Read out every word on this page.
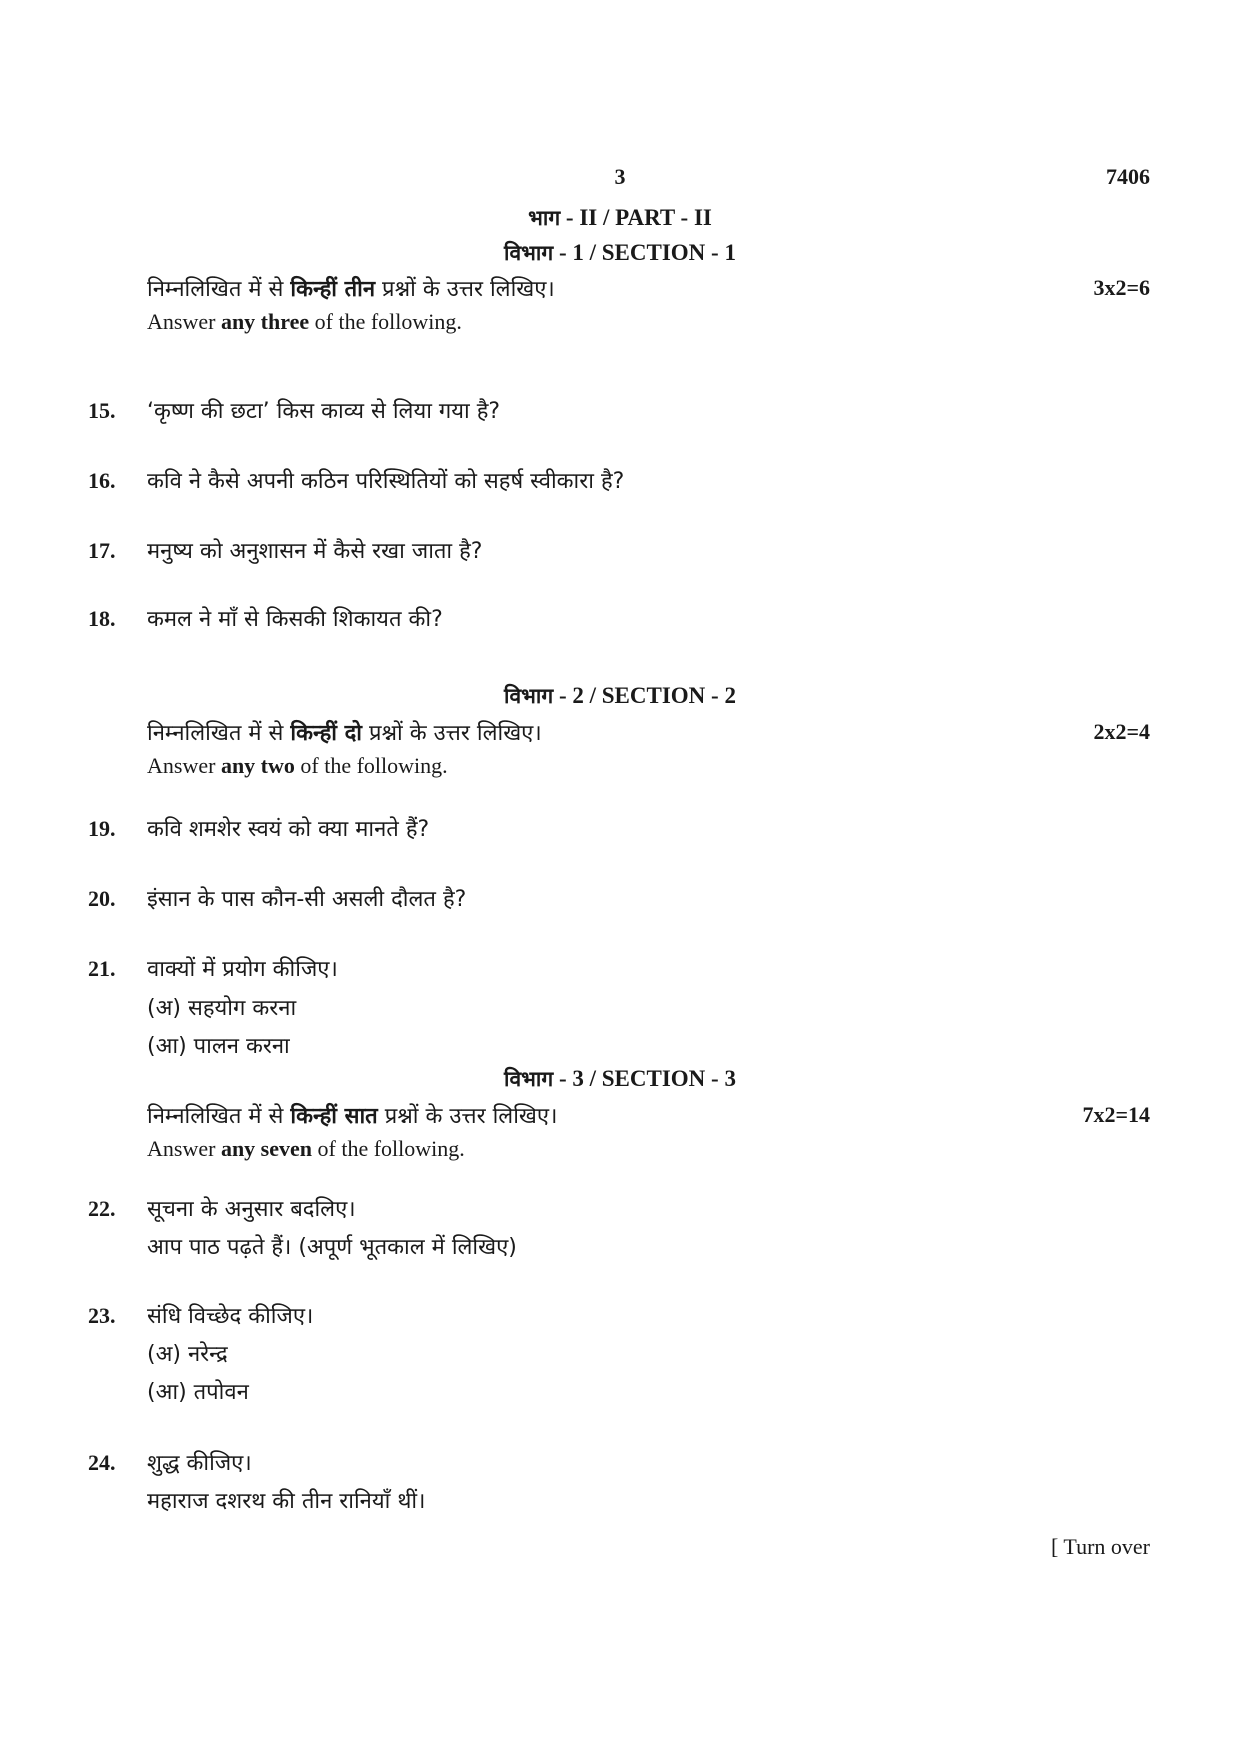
3	7406
भाग - II / PART - II
विभाग - 1 / SECTION - 1
निम्नलिखित में से किन्हीं तीन प्रश्नों के उत्तर लिखिए।	3x2=6
Answer any three of the following.
15.	‘कृष्ण की छटा’ किस काव्य से लिया गया है?
16.	कवि ने कैसे अपनी कठिन परिस्थितियों को सहर्ष स्वीकारा है?
17.	मनुष्य को अनुशासन में कैसे रखा जाता है?
18.	कमल ने माँ से किसकी शिकायत की?
विभाग - 2 / SECTION - 2
निम्नलिखित में से किन्हीं दो प्रश्नों के उत्तर लिखिए।	2x2=4
Answer any two of the following.
19.	कवि शमशेर स्वयं को क्या मानते हैं?
20.	इंसान के पास कौन-सी असली दौलत है?
21.	वाक्यों में प्रयोग कीजिए।
(अ) सहयोग करना
(आ) पालन करना
विभाग - 3 / SECTION - 3
निम्नलिखित में से किन्हीं सात प्रश्नों के उत्तर लिखिए।	7x2=14
Answer any seven of the following.
22.	सूचना के अनुसार बदलिए।
आप पाठ पढ़ते हैं। (अपूर्ण भूतकाल में लिखिए)
23.	संधि विच्छेद कीजिए।
(अ) नरेन्द्र
(आ) तपोवन
24.	शुद्ध कीजिए।
महाराज दशरथ की तीन रानियाँ थीं।
[ Turn over
